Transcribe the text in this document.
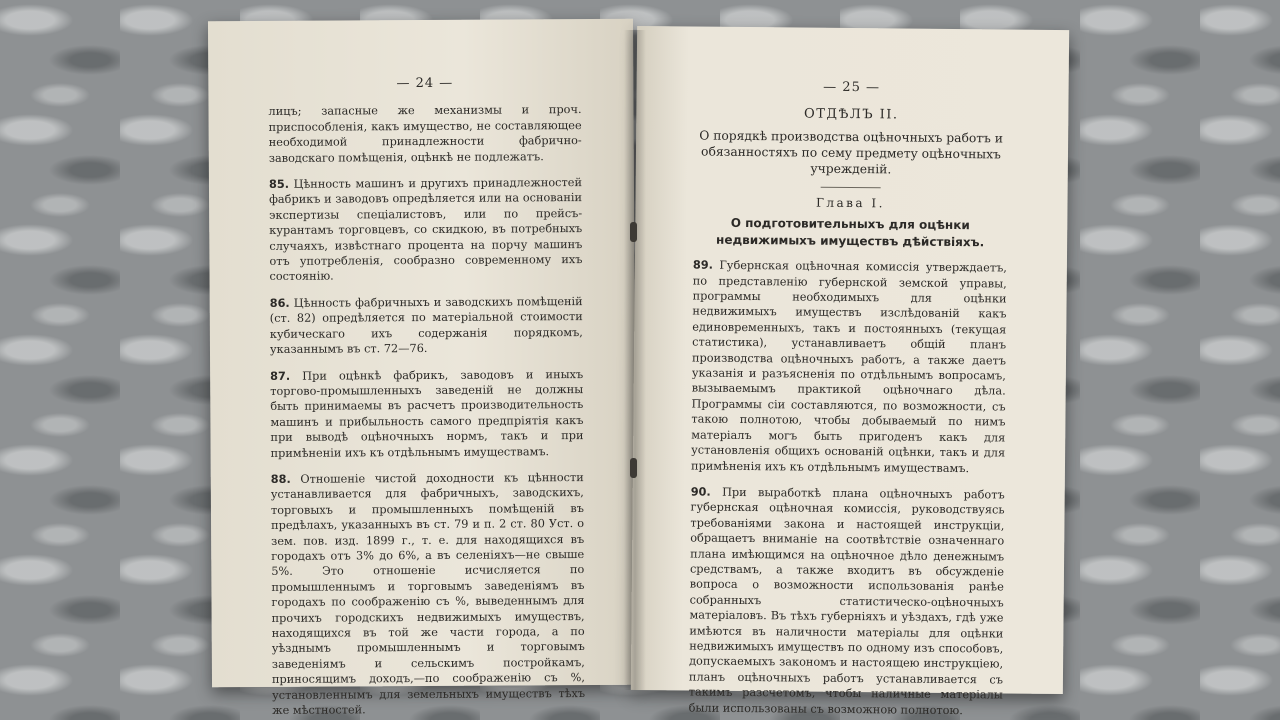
— 24 —

лицъ; запасные же механизмы и проч. приспособленія, какъ имущество, не составляющее необходимой принадлежности фабрично-заводскаго помѣщенія, оцѣнкѣ не подлежатъ.

85. Цѣнность машинъ и другихъ принадлежностей фабрикъ и заводовъ опредѣляется или на основаніи экспертизы спеціалистовъ, или по прейсъ-курантамъ торговцевъ, со скидкою, въ потребныхъ случаяхъ, извѣстнаго процента на порчу машинъ отъ употребленія, сообразно современному ихъ состоянію.

86. Цѣнность фабричныхъ и заводскихъ помѣщеній (ст. 82) опредѣляется по матеріальной стоимости кубическаго ихъ содержанія порядкомъ, указаннымъ въ ст. 72—76.

87. При оцѣнкѣ фабрикъ, заводовъ и иныхъ торгово-промышленныхъ заведеній не должны быть принимаемы въ расчетъ производительность машинъ и прибыльность самого предпріятія какъ при выводѣ оцѣночныхъ нормъ, такъ и при примѣненіи ихъ къ отдѣльнымъ имуществамъ.

88. Отношеніе чистой доходности къ цѣнности устанавливается для фабричныхъ, заводскихъ, торговыхъ и промышленныхъ помѣщеній въ предѣлахъ, указанныхъ въ ст. 79 и п. 2 ст. 80 Уст. о зем. пов. изд. 1899 г., т. е. для находящихся въ городахъ отъ 3% до 6%, а въ селеніяхъ—не свыше 5%. Это отношеніе исчисляется по промышленнымъ и торговымъ заведеніямъ въ городахъ по соображенію съ %, выведеннымъ для прочихъ городскихъ недвижимыхъ имуществъ, находящихся въ той же части города, а по уѣзднымъ промышленнымъ и торговымъ заведеніямъ и сельскимъ постройкамъ, приносящимъ доходъ,—по соображенію съ %, установленнымъ для земельныхъ имуществъ тѣхъ же мѣстностей.

— 25 —
ОТДѢЛЪ II.
О порядкѣ производства оцѣночныхъ работъ и обязанностяхъ по сему предмету оцѣночныхъ учрежденій.
Глава I.
О подготовительныхъ для оцѣнки недвижимыхъ имуществъ дѣйствіяхъ.

89. Губернская оцѣночная комиссія утверждаетъ, по представленію губернской земской управы, программы необходимыхъ для оцѣнки недвижимыхъ имуществъ изслѣдованій какъ единовременныхъ, такъ и постоянныхъ (текущая статистика), устанавливаетъ общій планъ производства оцѣночныхъ работъ, а также даетъ указанія и разъясненія по отдѣльнымъ вопросамъ, вызываемымъ практикой оцѣночнаго дѣла. Программы сіи составляются, по возможности, съ такою полнотою, чтобы добываемый по нимъ матеріалъ могъ быть пригоденъ какъ для установленія общихъ основаній оцѣнки, такъ и для примѣненія ихъ къ отдѣльнымъ имуществамъ.

90. При выработкѣ плана оцѣночныхъ работъ губернская оцѣночная комиссія, руководствуясь требованіями закона и настоящей инструкціи, обращаетъ вниманіе на соотвѣтствіе означеннаго плана имѣющимся на оцѣночное дѣло денежнымъ средствамъ, а также входитъ въ обсужденіе вопроса о возможности использованія ранѣе собранныхъ статистическо-оцѣночныхъ матеріаловъ. Въ тѣхъ губерніяхъ и уѣздахъ, гдѣ уже имѣются въ наличности матеріалы для оцѣнки недвижимыхъ имуществъ по одному изъ способовъ, допускаемыхъ закономъ и настоящею инструкціею, планъ оцѣночныхъ работъ устанавливается съ такимъ разсчетомъ, чтобы наличные матеріалы были использованы съ возможною полнотою.
